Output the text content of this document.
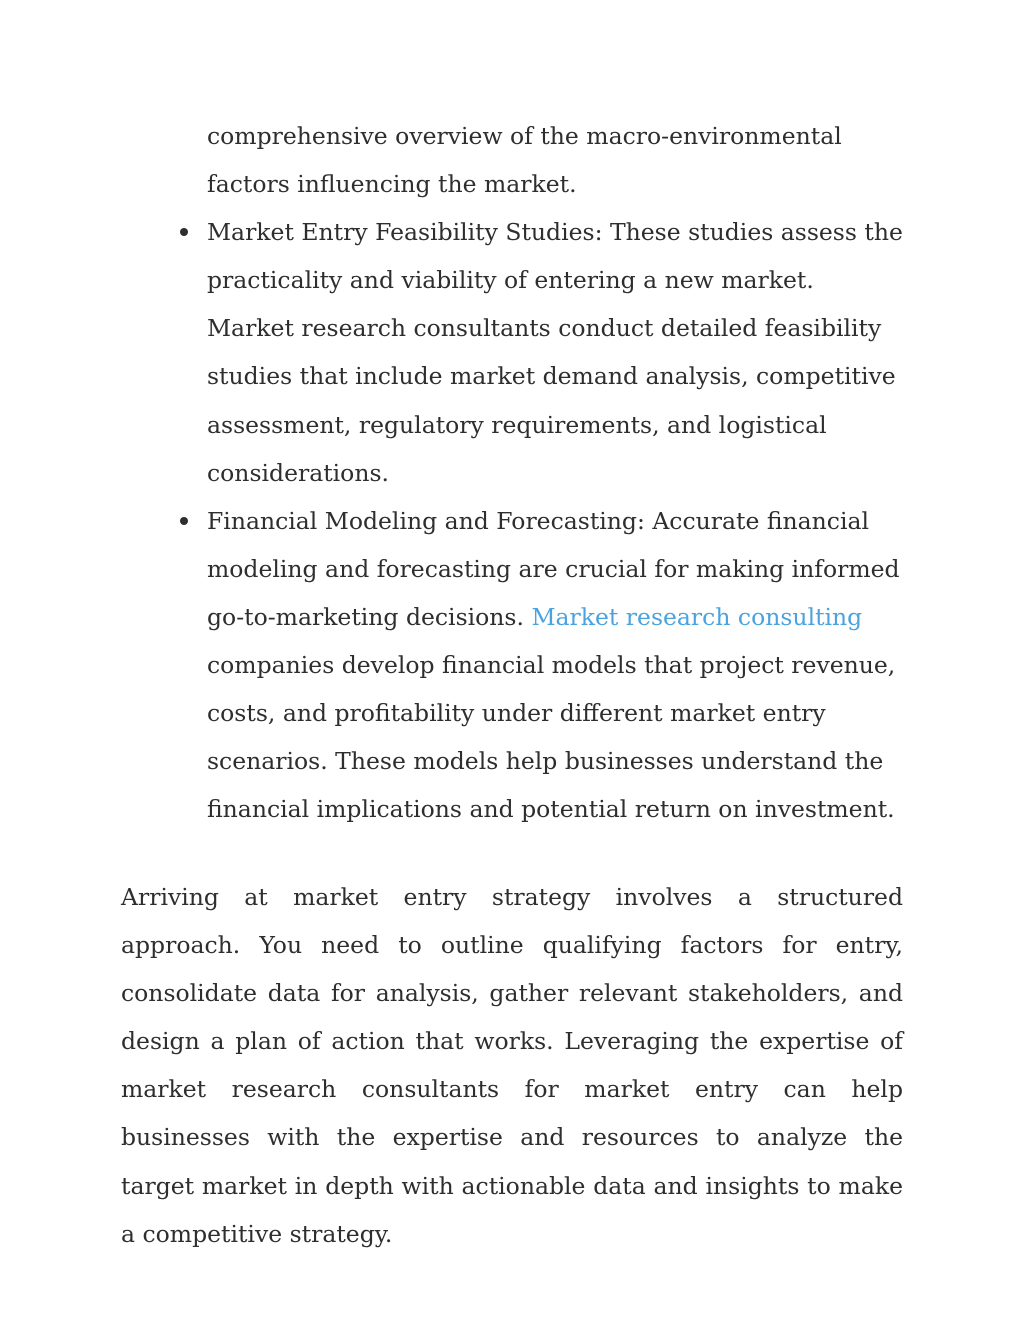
comprehensive overview of the macro-environmental factors influencing the market.
Market Entry Feasibility Studies: These studies assess the practicality and viability of entering a new market. Market research consultants conduct detailed feasibility studies that include market demand analysis, competitive assessment, regulatory requirements, and logistical considerations.
Financial Modeling and Forecasting: Accurate financial modeling and forecasting are crucial for making informed go-to-marketing decisions. Market research consulting companies develop financial models that project revenue, costs, and profitability under different market entry scenarios. These models help businesses understand the financial implications and potential return on investment.

Arriving at market entry strategy involves a structured approach. You need to outline qualifying factors for entry, consolidate data for analysis, gather relevant stakeholders, and design a plan of action that works. Leveraging the expertise of market research consultants for market entry can help businesses with the expertise and resources to analyze the target market in depth with actionable data and insights to make a competitive strategy.
